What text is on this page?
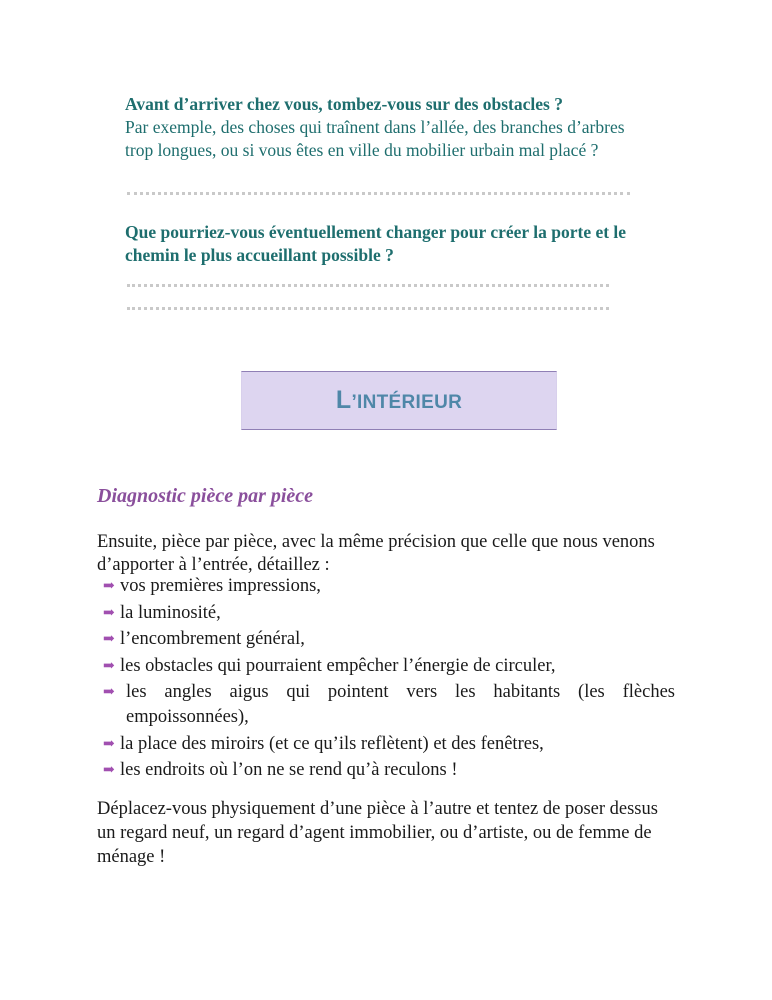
Avant d’arriver chez vous, tombez-vous sur des obstacles ?
Par exemple, des choses qui traînent dans l’allée, des branches d’arbres
trop longues, ou si vous êtes en ville du mobilier urbain mal placé ?
Que pourriez-vous éventuellement changer pour créer la porte et le
chemin le plus accueillant possible ?
L’INTÉRIEUR
Diagnostic pièce par pièce
Ensuite, pièce par pièce, avec la même précision que celle que nous venons
d’apporter à l’entrée, détaillez :
➡ vos premières impressions,
➡ la luminosité,
➡ l’encombrement général,
➡ les obstacles qui pourraient empêcher l’énergie de circuler,
➡ les angles aigus qui pointent vers les habitants (les flèches empoissonnées),
➡ la place des miroirs (et ce qu’ils reflètent) et des fenêtres,
➡ les endroits où l’on ne se rend qu’à reculons !
Déplacez-vous physiquement d’une pièce à l’autre et tentez de poser dessus
un regard neuf, un regard d’agent immobilier, ou d’artiste, ou de femme de
ménage !
